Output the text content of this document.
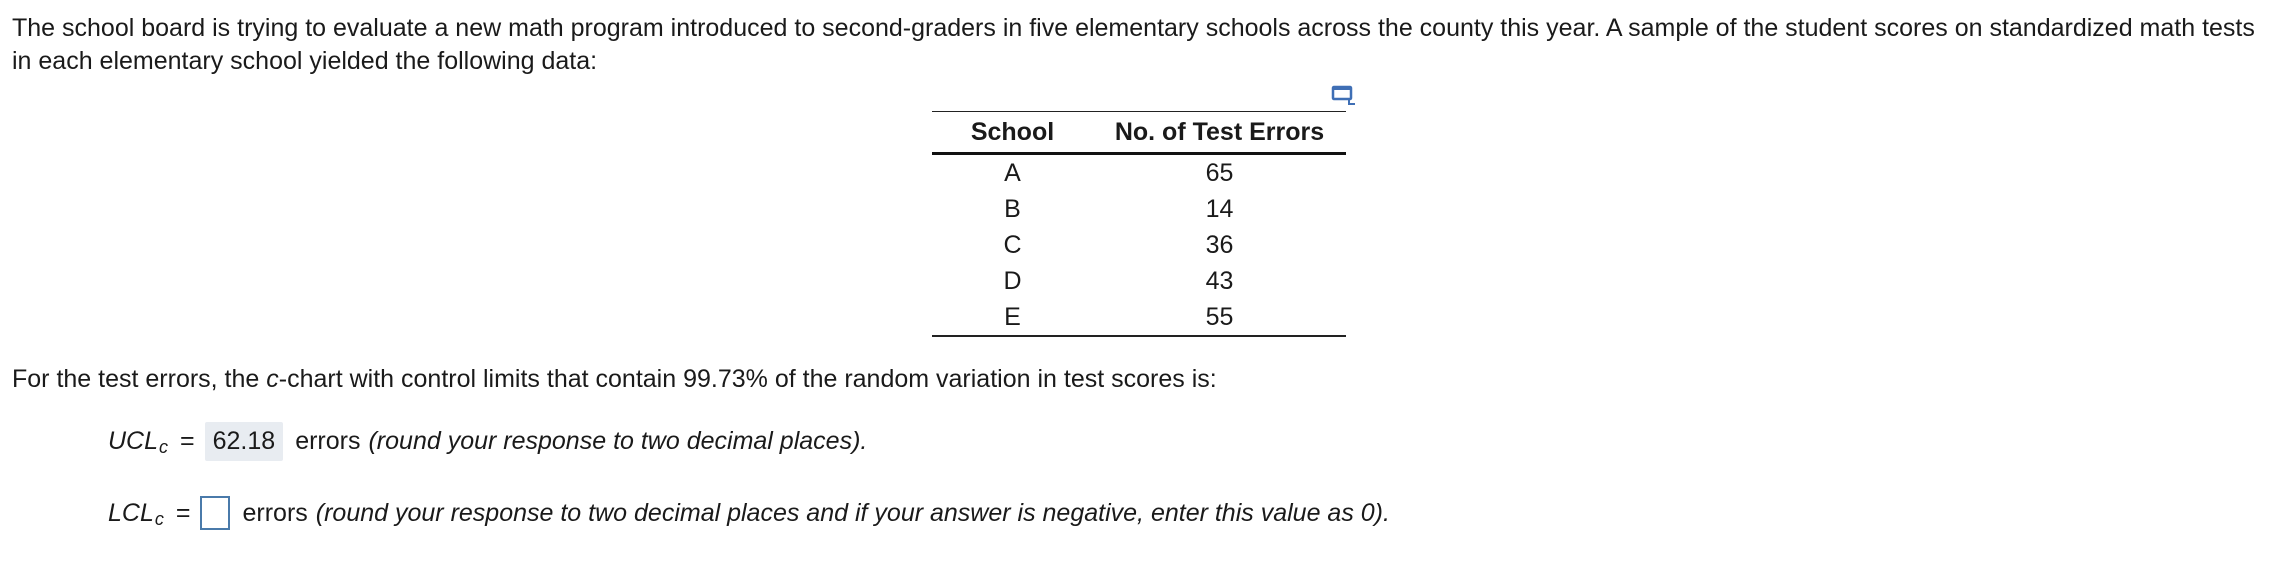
The school board is trying to evaluate a new math program introduced to second-graders in five elementary schools across the county this year. A sample of the student scores on standardized math tests in each elementary school yielded the following data:

School	No. of Test Errors
A	65
B	14
C	36
D	43
E	55

For the test errors, the c-chart with control limits that contain 99.73% of the random variation in test scores is:

$UCL_c = 62.18$ errors (round your response to two decimal places).
$LCL_c$ = errors (round your response to two decimal places and if your answer is negative, enter this value as 0).
